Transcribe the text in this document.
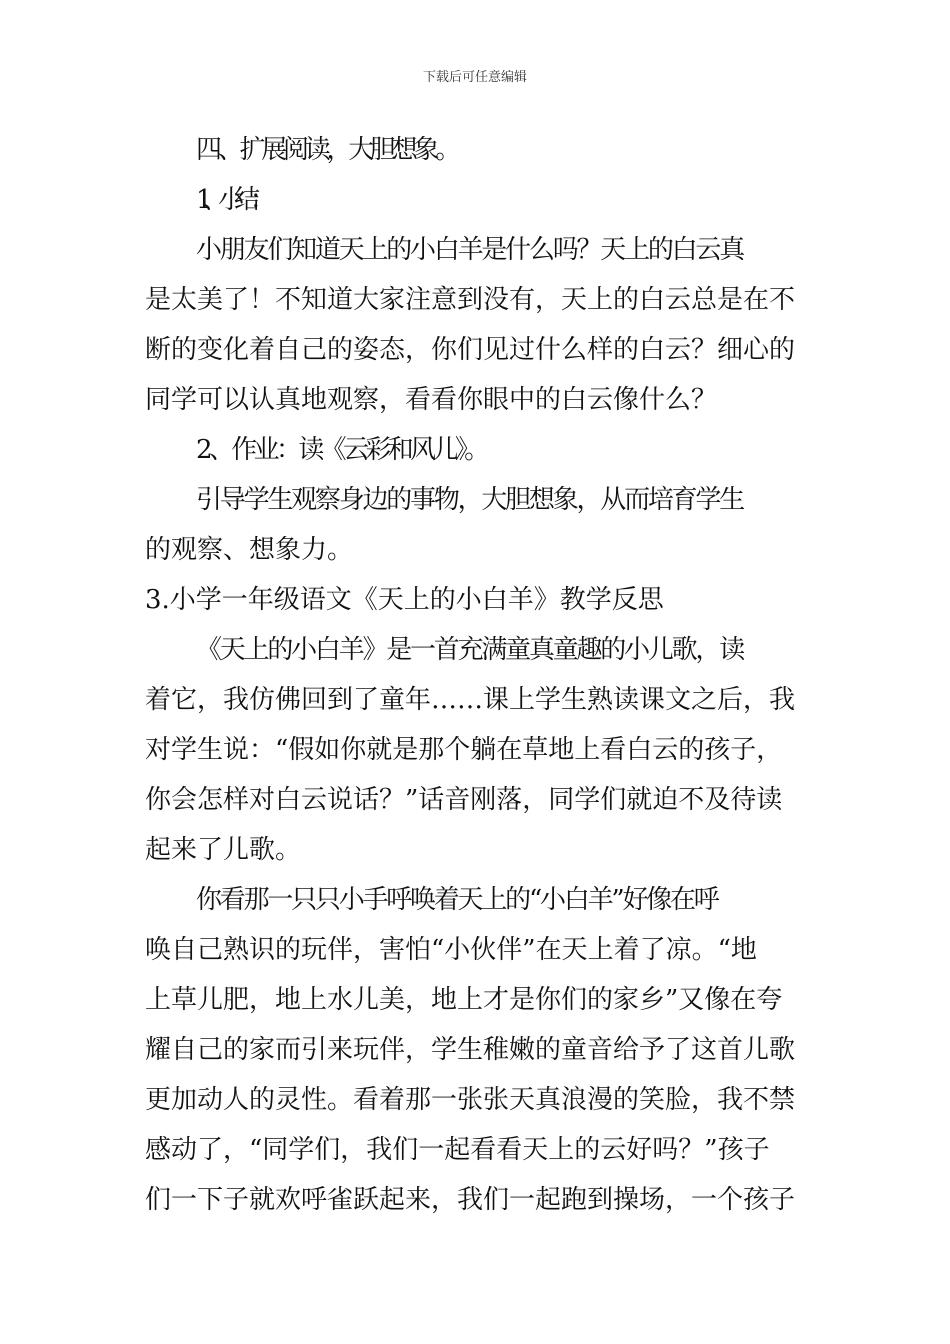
下载后可任意编辑
四、扩展阅读，大胆想象。
1、小结：
小朋友们知道天上的小白羊是什么吗？天上的白云真
是太美了！不知道大家注意到没有，天上的白云总是在不
断的变化着自己的姿态，你们见过什么样的白云？细心的
同学可以认真地观察，看看你眼中的白云像什么？
2、作业：读《云彩和风儿》。
引导学生观察身边的事物，大胆想象，从而培育学生
的观察、想象力。
3.小学一年级语文《天上的小白羊》教学反思
《天上的小白羊》是一首充满童真童趣的小儿歌，读
着它，我仿佛回到了童年……课上学生熟读课文之后，我
对学生说：“假如你就是那个躺在草地上看白云的孩子，
你会怎样对白云说话？”话音刚落，同学们就迫不及待读
起来了儿歌。
你看那一只只小手呼唤着天上的“小白羊”好像在呼
唤自己熟识的玩伴，害怕“小伙伴”在天上着了凉。“地
上草儿肥，地上水儿美，地上才是你们的家乡”又像在夸
耀自己的家而引来玩伴，学生稚嫩的童音给予了这首儿歌
更加动人的灵性。看着那一张张天真浪漫的笑脸，我不禁
感动了，“同学们，我们一起看看天上的云好吗？”孩子
们一下子就欢呼雀跃起来，我们一起跑到操场，一个孩子
